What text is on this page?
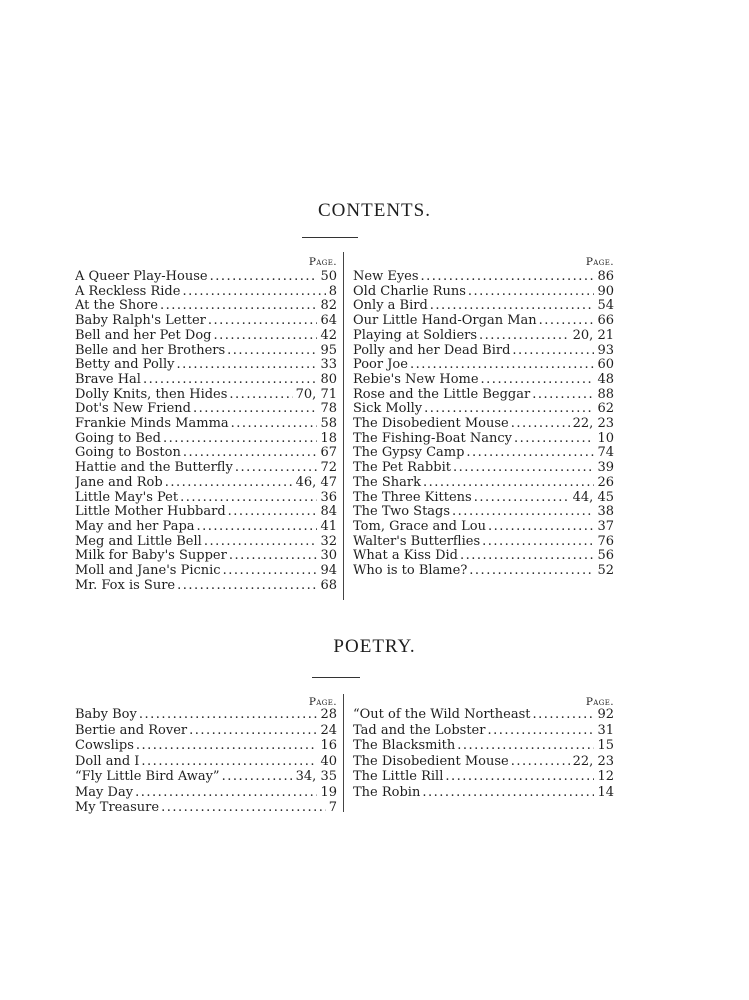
CONTENTS.
Page.
A Queer Play-House .....	50
A Reckless Ride .....	8
At the Shore .....	82
Baby Ralph's Letter .....	64
Bell and her Pet Dog .....	42
Belle and her Brothers .....	95
Betty and Polly .....	33
Brave Hal .....	80
Dolly Knits, then Hides .....	70, 71
Dot's New Friend .....	78
Frankie Minds Mamma .....	58
Going to Bed .....	18
Going to Boston .....	67
Hattie and the Butterfly .....	72
Jane and Rob .....	46, 47
Little May's Pet .....	36
Little Mother Hubbard .....	84
May and her Papa .....	41
Meg and Little Bell .....	32
Milk for Baby's Supper .....	30
Moll and Jane's Picnic .....	94
Mr. Fox is Sure .....	68
Page.
New Eyes .....	86
Old Charlie Runs .....	90
Only a Bird .....	54
Our Little Hand-Organ Man .....	66
Playing at Soldiers .....	20, 21
Polly and her Dead Bird .....	93
Poor Joe .....	60
Rebie's New Home .....	48
Rose and the Little Beggar .....	88
Sick Molly .....	62
The Disobedient Mouse .....	22, 23
The Fishing-Boat Nancy .....	10
The Gypsy Camp .....	74
The Pet Rabbit .....	39
The Shark .....	26
The Three Kittens .....	44, 45
The Two Stags .....	38
Tom, Grace and Lou .....	37
Walter's Butterflies .....	76
What a Kiss Did .....	56
Who is to Blame? .....	52
POETRY.
Page.
Baby Boy .....	28
Bertie and Rover .....	24
Cowslips .....	16
Doll and I .....	40
“Fly Little Bird Away” .....	34, 35
May Day .....	19
My Treasure .....	7
Page.
“Out of the Wild Northeast .....	92
Tad and the Lobster .....	31
The Blacksmith .....	15
The Disobedient Mouse .....	22, 23
The Little Rill .....	12
The Robin .....	14
